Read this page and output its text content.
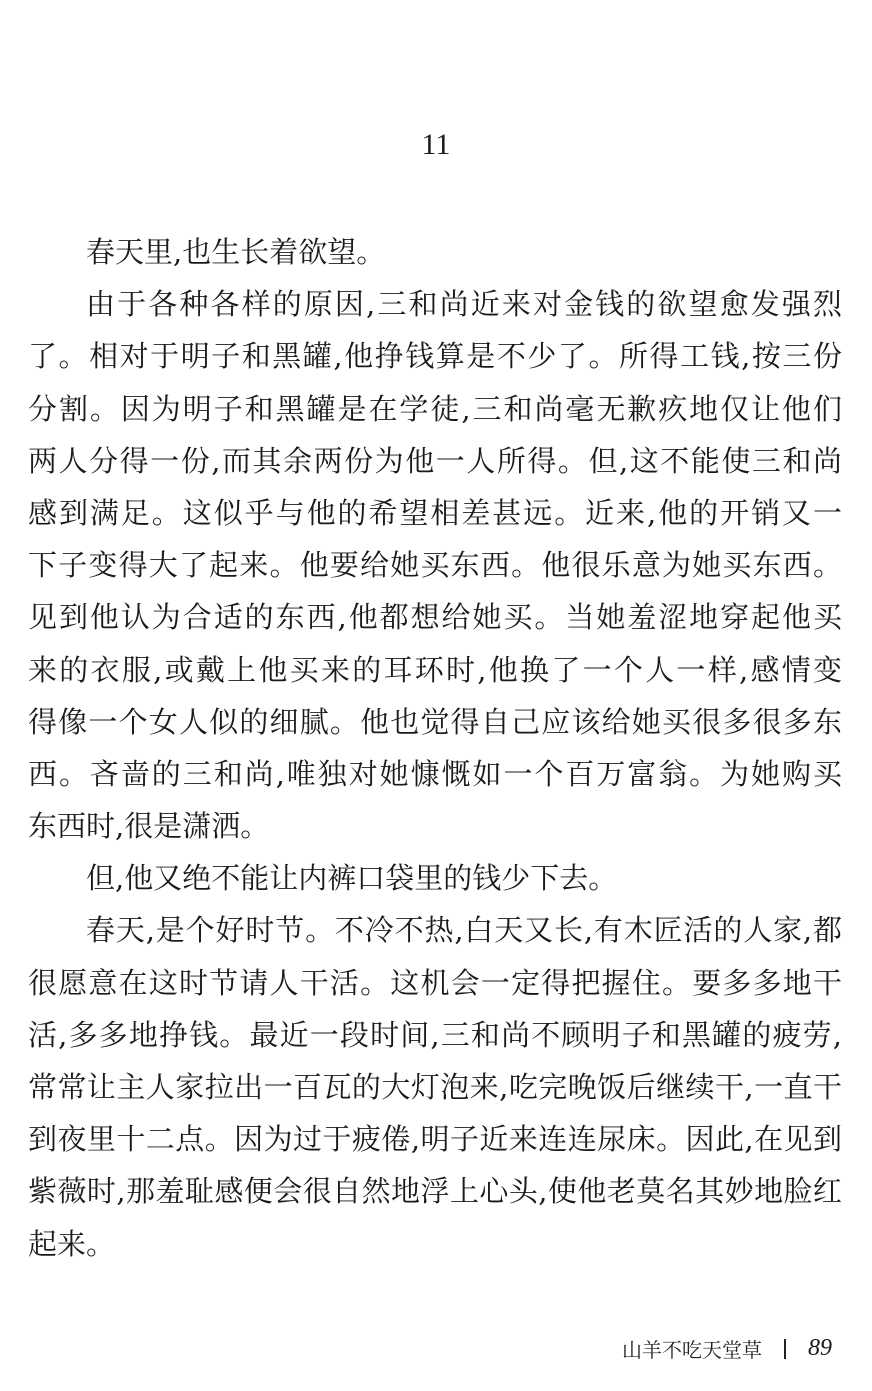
11
春天里,也生长着欲望。
由于各种各样的原因,三和尚近来对金钱的欲望愈发强烈
了。相对于明子和黑罐,他挣钱算是不少了。所得工钱,按三份
分割。因为明子和黑罐是在学徒,三和尚毫无歉疚地仅让他们
两人分得一份,而其余两份为他一人所得。但,这不能使三和尚
感到满足。这似乎与他的希望相差甚远。近来,他的开销又一
下子变得大了起来。他要给她买东西。他很乐意为她买东西。
见到他认为合适的东西,他都想给她买。当她羞涩地穿起他买
来的衣服,或戴上他买来的耳环时,他换了一个人一样,感情变
得像一个女人似的细腻。他也觉得自己应该给她买很多很多东
西。吝啬的三和尚,唯独对她慷慨如一个百万富翁。为她购买
东西时,很是潇洒。
但,他又绝不能让内裤口袋里的钱少下去。
春天,是个好时节。不冷不热,白天又长,有木匠活的人家,都
很愿意在这时节请人干活。这机会一定得把握住。要多多地干
活,多多地挣钱。最近一段时间,三和尚不顾明子和黑罐的疲劳,
常常让主人家拉出一百瓦的大灯泡来,吃完晚饭后继续干,一直干
到夜里十二点。因为过于疲倦,明子近来连连尿床。因此,在见到
紫薇时,那羞耻感便会很自然地浮上心头,使他老莫名其妙地脸红
起来。
山羊不吃天堂草 89
